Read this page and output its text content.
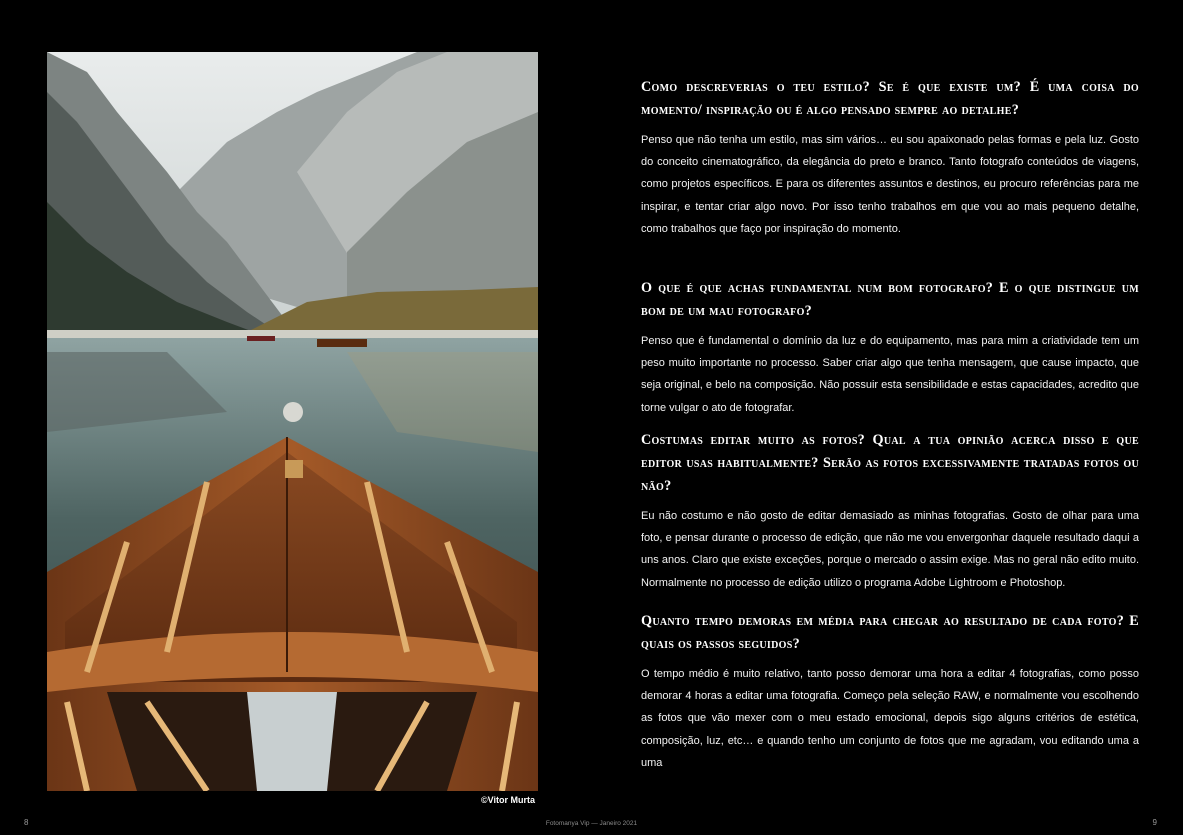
©Vitor Murta

Como descreverias o teu estilo? Se é que existe um? É uma coisa do momento/ inspiração ou é algo pensado sempre ao detalhe?

Penso que não tenha um estilo, mas sim vários… eu sou apaixonado pelas formas e pela luz. Gosto do conceito cinematográfico, da elegância do preto e branco. Tanto fotografo conteúdos de viagens, como projetos específicos. E para os diferentes assuntos e destinos, eu procuro referências para me inspirar, e tentar criar algo novo. Por isso tenho trabalhos em que vou ao mais pequeno detalhe, como trabalhos que faço por inspiração do momento.

O que é que achas fundamental num bom fotografo? E o que distingue um bom de um mau fotografo?

Penso que é fundamental o domínio da luz e do equipamento, mas para mim a criatividade tem um peso muito importante no processo. Saber criar algo que tenha mensagem, que cause impacto, que seja original, e belo na composição. Não possuir esta sensibilidade e estas capacidades, acredito que torne vulgar o ato de fotografar.

Costumas editar muito as fotos? Qual a tua opinião acerca disso e que editor usas habitualmente? Serão as fotos excessivamente tratadas fotos ou não?

Eu não costumo e não gosto de editar demasiado as minhas fotografias. Gosto de olhar para uma foto, e pensar durante o processo de edição, que não me vou envergonhar daquele resultado daqui a uns anos. Claro que existe exceções, porque o mercado o assim exige. Mas no geral não edito muito. Normalmente no processo de edição utilizo o programa Adobe Lightroom e Photoshop.

Quanto tempo demoras em média para chegar ao resultado de cada foto? E quais os passos seguidos?

O tempo médio é muito relativo, tanto posso demorar uma hora a editar 4 fotografias, como posso demorar 4 horas a editar uma fotografia. Começo pela seleção RAW, e normalmente vou escolhendo as fotos que vão mexer com o meu estado emocional, depois sigo alguns critérios de estética, composição, luz, etc… e quando tenho um conjunto de fotos que me agradam, vou editando uma a uma

8	Fotomanya Vip — Janeiro 2021	9
